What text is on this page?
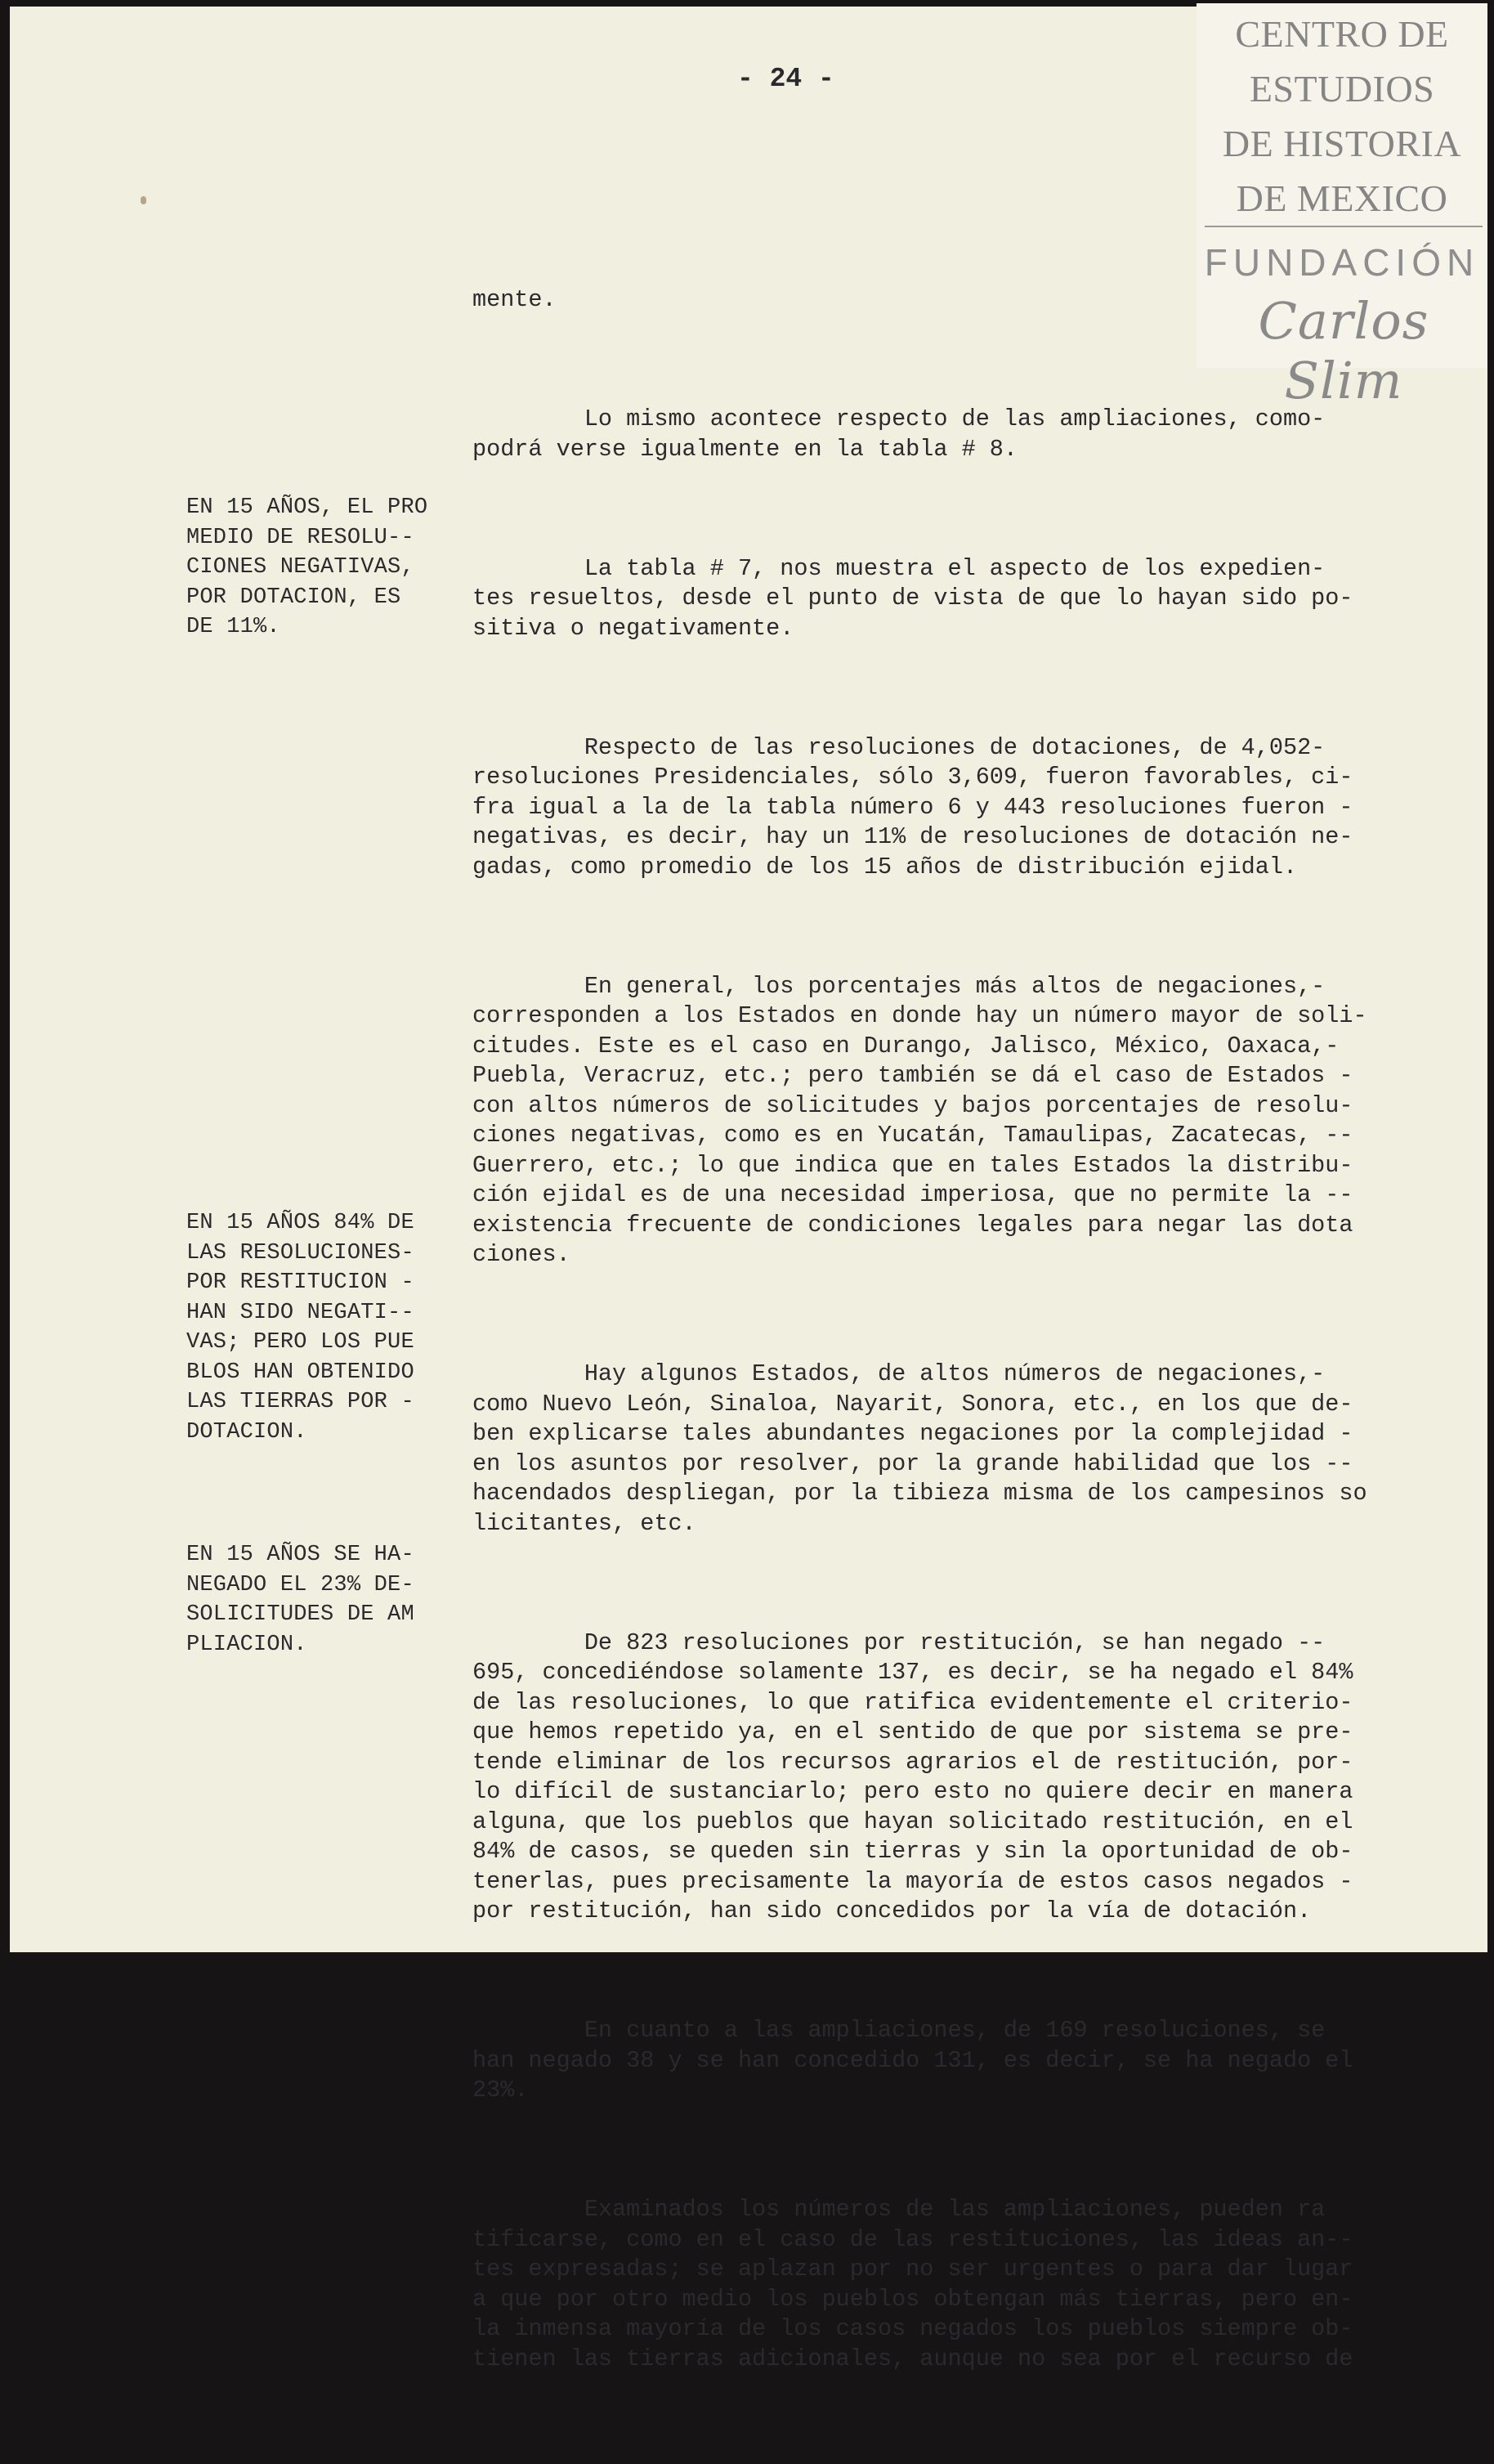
CENTRO DE
ESTUDIOS
DE HISTORIA
DE MEXICO
FUNDACIÓN
Carlos Slim
- 24 -

mente.

Lo mismo acontece respecto de las ampliaciones, como-
podrá verse igualmente en la tabla # 8.

La tabla # 7, nos muestra el aspecto de los expedien-
tes resueltos, desde el punto de vista de que lo hayan sido po-
sitiva o negativamente.

Respecto de las resoluciones de dotaciones, de 4,052-
resoluciones Presidenciales, sólo 3,609, fueron favorables, ci-
fra igual a la de la tabla número 6 y 443 resoluciones fueron -
negativas, es decir, hay un 11% de resoluciones de dotación ne-
gadas, como promedio de los 15 años de distribución ejidal.

En general, los porcentajes más altos de negaciones,-
corresponden a los Estados en donde hay un número mayor de soli-
citudes. Este es el caso en Durango, Jalisco, México, Oaxaca,-
Puebla, Veracruz, etc.; pero también se dá el caso de Estados -
con altos números de solicitudes y bajos porcentajes de resolu-
ciones negativas, como es en Yucatán, Tamaulipas, Zacatecas, --
Guerrero, etc.; lo que indica que en tales Estados la distribu-
ción ejidal es de una necesidad imperiosa, que no permite la --
existencia frecuente de condiciones legales para negar las dota
ciones.

Hay algunos Estados, de altos números de negaciones,-
como Nuevo León, Sinaloa, Nayarit, Sonora, etc., en los que de-
ben explicarse tales abundantes negaciones por la complejidad -
en los asuntos por resolver, por la grande habilidad que los --
hacendados despliegan, por la tibieza misma de los campesinos so
licitantes, etc.

De 823 resoluciones por restitución, se han negado --
695, concediéndose solamente 137, es decir, se ha negado el 84%
de las resoluciones, lo que ratifica evidentemente el criterio-
que hemos repetido ya, en el sentido de que por sistema se pre-
tende eliminar de los recursos agrarios el de restitución, por-
lo difícil de sustanciarlo; pero esto no quiere decir en manera
alguna, que los pueblos que hayan solicitado restitución, en el
84% de casos, se queden sin tierras y sin la oportunidad de ob-
tenerlas, pues precisamente la mayoría de estos casos negados -
por restitución, han sido concedidos por la vía de dotación.

En cuanto a las ampliaciones, de 169 resoluciones, se
han negado 38 y se han concedido 131, es decir, se ha negado el
23%.

Examinados los números de las ampliaciones, pueden ra
tificarse, como en el caso de las restituciones, las ideas an--
tes expresadas; se aplazan por no ser urgentes o para dar lugar
a que por otro medio los pueblos obtengan más tierras, pero en-
la inmensa mayoría de los casos negados los pueblos siempre ob-
tienen las tierras adicionales, aunque no sea por el recurso de

EN 15 AÑOS, EL PRO
MEDIO DE RESOLU--
CIONES NEGATIVAS,
POR DOTACION, ES
DE 11%.
EN 15 AÑOS 84% DE
LAS RESOLUCIONES-
POR RESTITUCION -
HAN SIDO NEGATI--
VAS; PERO LOS PUE
BLOS HAN OBTENIDO
LAS TIERRAS POR -
DOTACION.
EN 15 AÑOS SE HA-
NEGADO EL 23% DE-
SOLICITUDES DE AM
PLIACION.
